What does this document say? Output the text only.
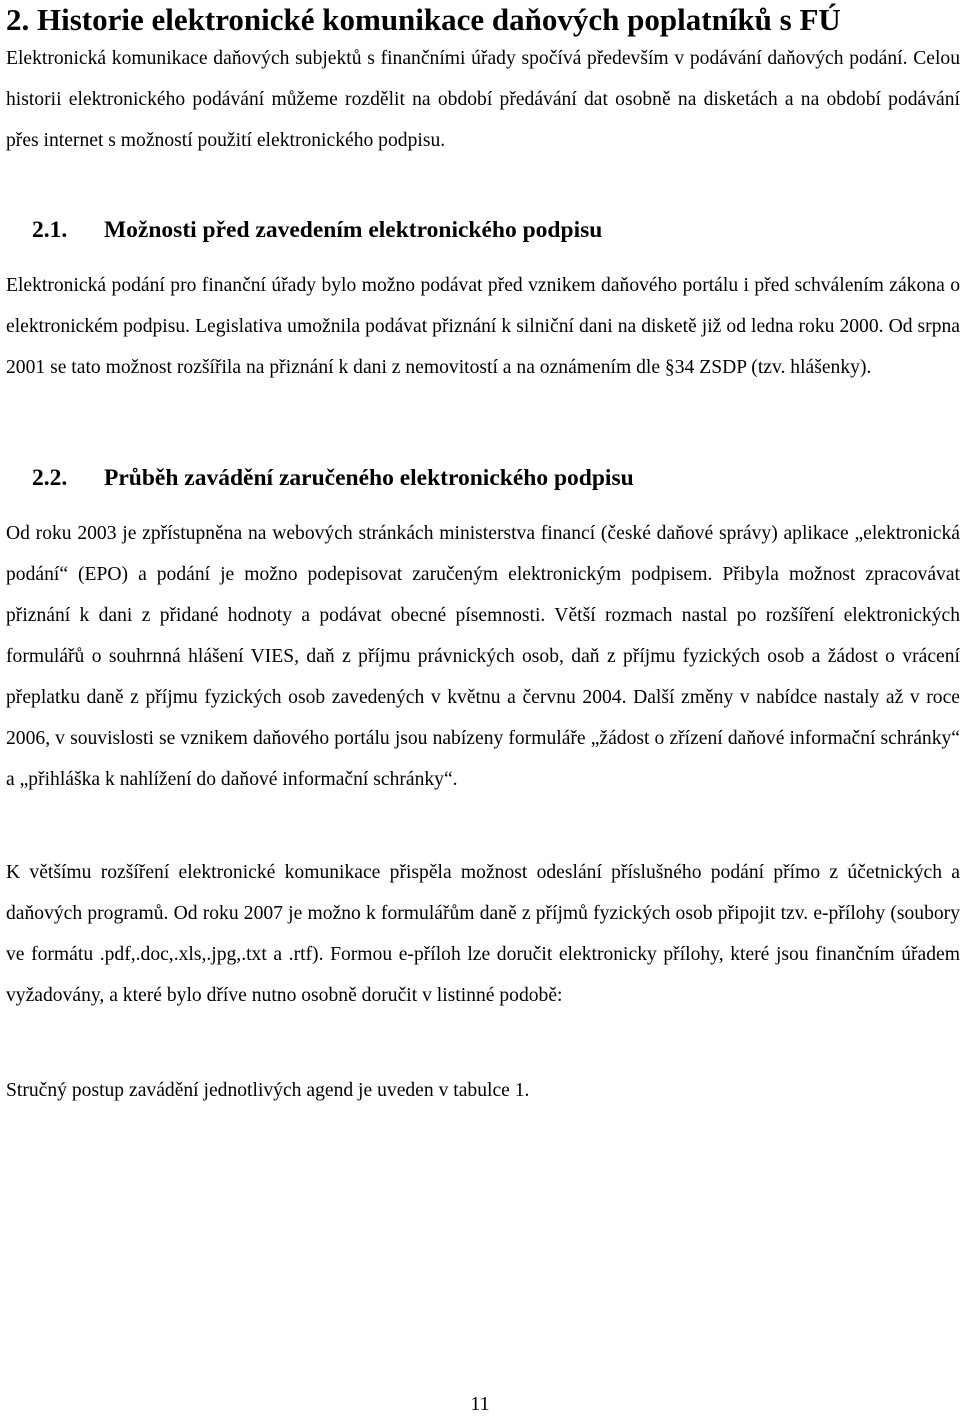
2. Historie elektronické komunikace daňových poplatníků s FÚ

Elektronická komunikace daňových subjektů s finančními úřady spočívá především v podávání daňových podání. Celou historii elektronického podávání můžeme rozdělit na období předávání dat osobně na disketách a na období podávání přes internet s možností použití elektronického podpisu.

2.1. Možnosti před zavedením elektronického podpisu

Elektronická podání pro finanční úřady bylo možno podávat před vznikem daňového portálu i před schválením zákona o elektronickém podpisu. Legislativa umožnila podávat přiznání k silniční dani na disketě již od ledna roku 2000. Od srpna 2001 se tato možnost rozšířila na přiznání k dani z nemovitostí a na oznámením dle §34 ZSDP (tzv. hlášenky).

2.2. Průběh zavádění zaručeného elektronického podpisu

Od roku 2003 je zpřístupněna na webových stránkách ministerstva financí (české daňové správy) aplikace „elektronická podání“ (EPO) a podání je možno podepisovat zaručeným elektronickým podpisem. Přibyla možnost zpracovávat přiznání k dani z přidané hodnoty a podávat obecné písemnosti. Větší rozmach nastal po rozšíření elektronických formulářů o souhrnná hlášení VIES, daň z příjmu právnických osob, daň z příjmu fyzických osob a žádost o vrácení přeplatku daně z příjmu fyzických osob zavedených v květnu a červnu 2004. Další změny v nabídce nastaly až v roce 2006, v souvislosti se vznikem daňového portálu jsou nabízeny formuláře „žádost o zřízení daňové informační schránky“ a „přihláška k nahlížení do daňové informační schránky“.

K většímu rozšíření elektronické komunikace přispěla možnost odeslání příslušného podání přímo z účetnických a daňových programů. Od roku 2007 je možno k formulářům daně z příjmů fyzických osob připojit tzv. e-přílohy (soubory ve formátu .pdf,.doc,.xls,.jpg,.txt a .rtf). Formou e-příloh lze doručit elektronicky přílohy, které jsou finančním úřadem vyžadovány, a které bylo dříve nutno osobně doručit v listinné podobě:

Stručný postup zavádění jednotlivých agend je uveden v tabulce 1.

11
